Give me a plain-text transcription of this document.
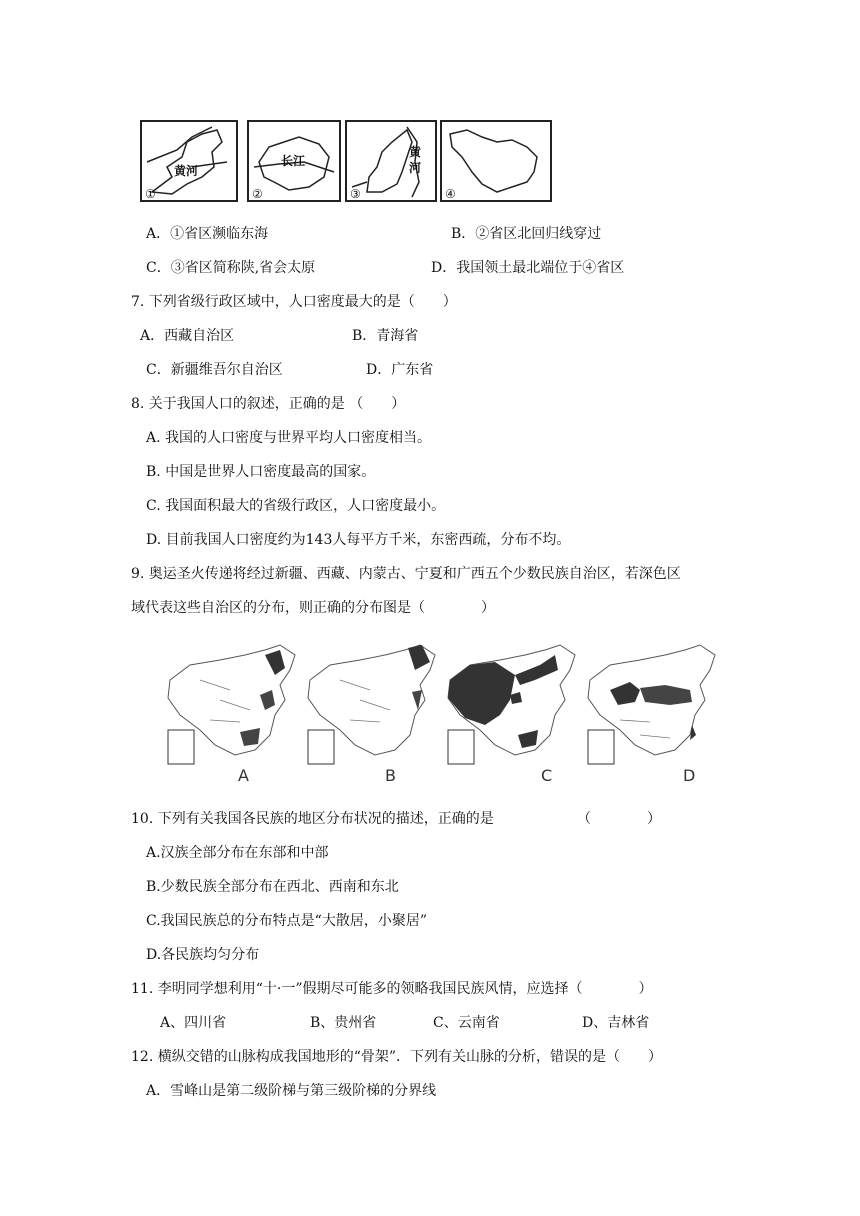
黄河
①
长江
②
黄河
③	④
A．①省区濒临东海	B．②省区北回归线穿过
C．③省区简称陕,省会太原	D．我国领土最北端位于④省区
7. 下列省级行政区域中，人口密度最大的是（　　）
A．西藏自治区	B．青海省
C．新疆维吾尔自治区	D．广东省
8. 关于我国人口的叙述，正确的是 （　　）
A. 我国的人口密度与世界平均人口密度相当。
B. 中国是世界人口密度最高的国家。
C. 我国面积最大的省级行政区，人口密度最小。
D. 目前我国人口密度约为143人每平方千米，东密西疏，分布不均。
9. 奥运圣火传递将经过新疆、西藏、内蒙古、宁夏和广西五个少数民族自治区，若深色区
域代表这些自治区的分布，则正确的分布图是（　　　　）
A	B	C	D
10. 下列有关我国各民族的地区分布状况的描述，正确的是	（　　　　）
A.汉族全部分布在东部和中部
B.少数民族全部分布在西北、西南和东北
C.我国民族总的分布特点是“大散居，小聚居”
D.各民族均匀分布
11. 李明同学想利用“十·一”假期尽可能多的领略我国民族风情，应选择（　　　　）
A、四川省	B、贵州省	C、云南省	D、吉林省
12. 横纵交错的山脉构成我国地形的“骨架”．下列有关山脉的分析，错误的是（　　）
A．雪峰山是第二级阶梯与第三级阶梯的分界线
